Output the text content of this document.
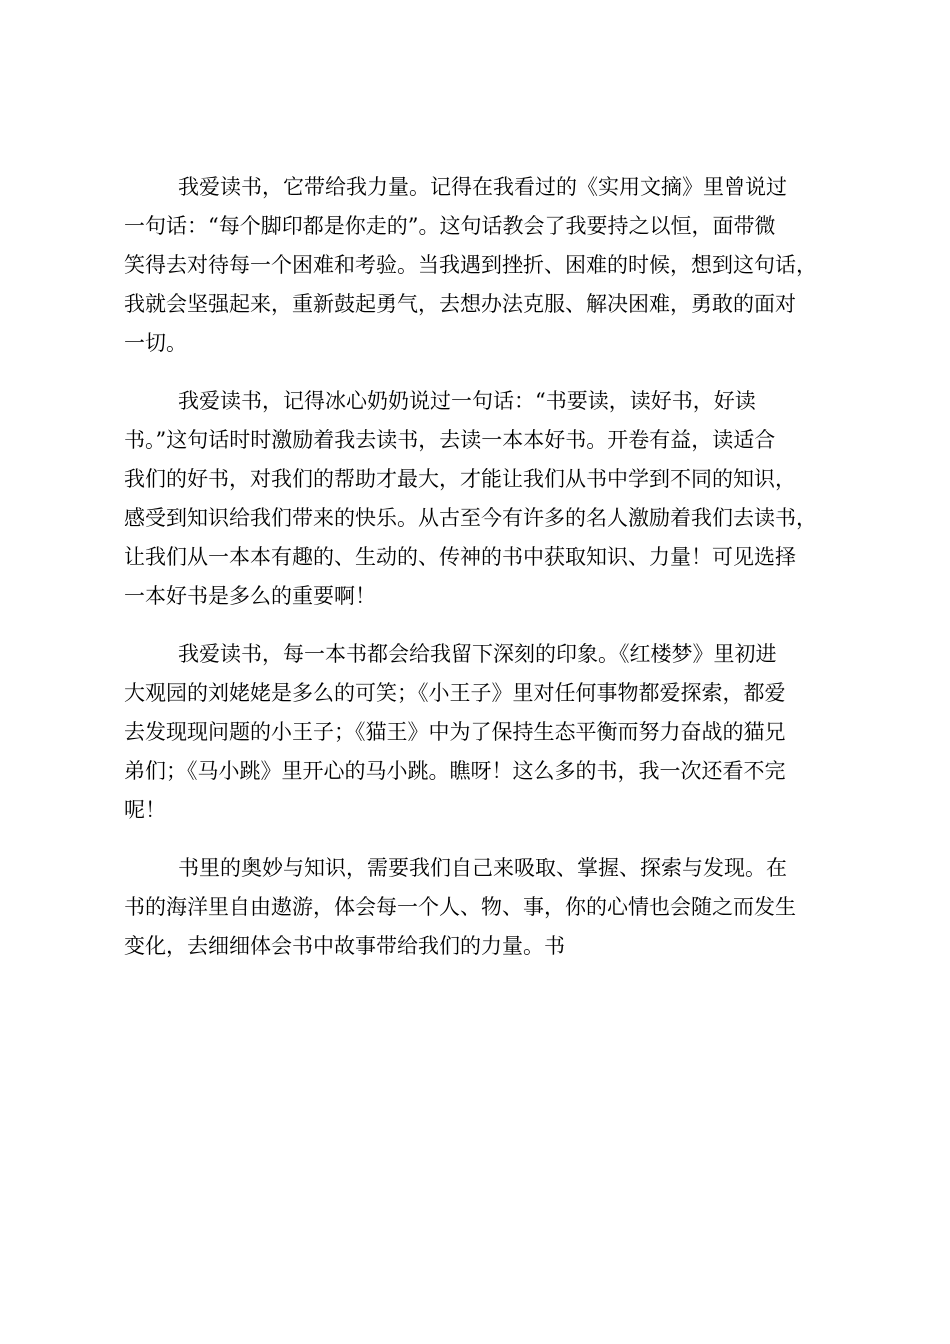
我爱读书，它带给我力量。记得在我看过的《实用文摘》里曾说过
一句话：“每个脚印都是你走的”。这句话教会了我要持之以恒，面带微
笑得去对待每一个困难和考验。当我遇到挫折、困难的时候，想到这句话，
我就会坚强起来，重新鼓起勇气，去想办法克服、解决困难，勇敢的面对
一切。
我爱读书，记得冰心奶奶说过一句话：“书要读，读好书，好读
书。”这句话时时激励着我去读书，去读一本本好书。开卷有益，读适合
我们的好书，对我们的帮助才最大，才能让我们从书中学到不同的知识，
感受到知识给我们带来的快乐。从古至今有许多的名人激励着我们去读书，
让我们从一本本有趣的、生动的、传神的书中获取知识、力量！可见选择
一本好书是多么的重要啊！
我爱读书，每一本书都会给我留下深刻的印象。《红楼梦》里初进
大观园的刘姥姥是多么的可笑；《小王子》里对任何事物都爱探索，都爱
去发现现问题的小王子；《猫王》中为了保持生态平衡而努力奋战的猫兄
弟们；《马小跳》里开心的马小跳。瞧呀！这么多的书，我一次还看不完
呢！
书里的奥妙与知识，需要我们自己来吸取、掌握、探索与发现。在
书的海洋里自由遨游，体会每一个人、物、事，你的心情也会随之而发生
变化，去细细体会书中故事带给我们的力量。书
